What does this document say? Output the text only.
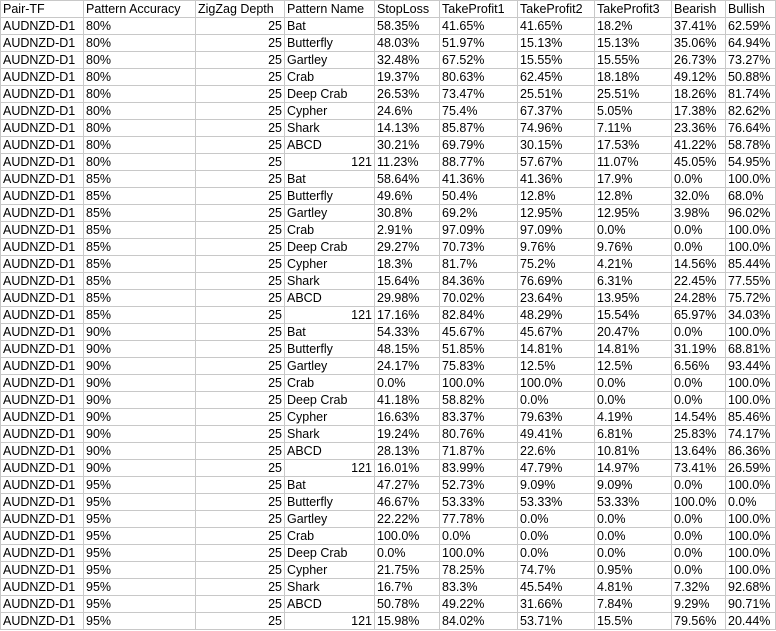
Pair-TF	Pattern Accuracy	ZigZag Depth	Pattern Name	StopLoss	TakeProfit1	TakeProfit2	TakeProfit3	Bearish	Bullish
AUDNZD-D1	80%	25	Bat	58.35%	41.65%	41.65%	18.2%	37.41%	62.59%
AUDNZD-D1	80%	25	Butterfly	48.03%	51.97%	15.13%	15.13%	35.06%	64.94%
AUDNZD-D1	80%	25	Gartley	32.48%	67.52%	15.55%	15.55%	26.73%	73.27%
AUDNZD-D1	80%	25	Crab	19.37%	80.63%	62.45%	18.18%	49.12%	50.88%
AUDNZD-D1	80%	25	Deep Crab	26.53%	73.47%	25.51%	25.51%	18.26%	81.74%
AUDNZD-D1	80%	25	Cypher	24.6%	75.4%	67.37%	5.05%	17.38%	82.62%
AUDNZD-D1	80%	25	Shark	14.13%	85.87%	74.96%	7.11%	23.36%	76.64%
AUDNZD-D1	80%	25	ABCD	30.21%	69.79%	30.15%	17.53%	41.22%	58.78%
AUDNZD-D1	80%	25	121	11.23%	88.77%	57.67%	11.07%	45.05%	54.95%
AUDNZD-D1	85%	25	Bat	58.64%	41.36%	41.36%	17.9%	0.0%	100.0%
AUDNZD-D1	85%	25	Butterfly	49.6%	50.4%	12.8%	12.8%	32.0%	68.0%
AUDNZD-D1	85%	25	Gartley	30.8%	69.2%	12.95%	12.95%	3.98%	96.02%
AUDNZD-D1	85%	25	Crab	2.91%	97.09%	97.09%	0.0%	0.0%	100.0%
AUDNZD-D1	85%	25	Deep Crab	29.27%	70.73%	9.76%	9.76%	0.0%	100.0%
AUDNZD-D1	85%	25	Cypher	18.3%	81.7%	75.2%	4.21%	14.56%	85.44%
AUDNZD-D1	85%	25	Shark	15.64%	84.36%	76.69%	6.31%	22.45%	77.55%
AUDNZD-D1	85%	25	ABCD	29.98%	70.02%	23.64%	13.95%	24.28%	75.72%
AUDNZD-D1	85%	25	121	17.16%	82.84%	48.29%	15.54%	65.97%	34.03%
AUDNZD-D1	90%	25	Bat	54.33%	45.67%	45.67%	20.47%	0.0%	100.0%
AUDNZD-D1	90%	25	Butterfly	48.15%	51.85%	14.81%	14.81%	31.19%	68.81%
AUDNZD-D1	90%	25	Gartley	24.17%	75.83%	12.5%	12.5%	6.56%	93.44%
AUDNZD-D1	90%	25	Crab	0.0%	100.0%	100.0%	0.0%	0.0%	100.0%
AUDNZD-D1	90%	25	Deep Crab	41.18%	58.82%	0.0%	0.0%	0.0%	100.0%
AUDNZD-D1	90%	25	Cypher	16.63%	83.37%	79.63%	4.19%	14.54%	85.46%
AUDNZD-D1	90%	25	Shark	19.24%	80.76%	49.41%	6.81%	25.83%	74.17%
AUDNZD-D1	90%	25	ABCD	28.13%	71.87%	22.6%	10.81%	13.64%	86.36%
AUDNZD-D1	90%	25	121	16.01%	83.99%	47.79%	14.97%	73.41%	26.59%
AUDNZD-D1	95%	25	Bat	47.27%	52.73%	9.09%	9.09%	0.0%	100.0%
AUDNZD-D1	95%	25	Butterfly	46.67%	53.33%	53.33%	53.33%	100.0%	0.0%
AUDNZD-D1	95%	25	Gartley	22.22%	77.78%	0.0%	0.0%	0.0%	100.0%
AUDNZD-D1	95%	25	Crab	100.0%	0.0%	0.0%	0.0%	0.0%	100.0%
AUDNZD-D1	95%	25	Deep Crab	0.0%	100.0%	0.0%	0.0%	0.0%	100.0%
AUDNZD-D1	95%	25	Cypher	21.75%	78.25%	74.7%	0.95%	0.0%	100.0%
AUDNZD-D1	95%	25	Shark	16.7%	83.3%	45.54%	4.81%	7.32%	92.68%
AUDNZD-D1	95%	25	ABCD	50.78%	49.22%	31.66%	7.84%	9.29%	90.71%
AUDNZD-D1	95%	25	121	15.98%	84.02%	53.71%	15.5%	79.56%	20.44%
